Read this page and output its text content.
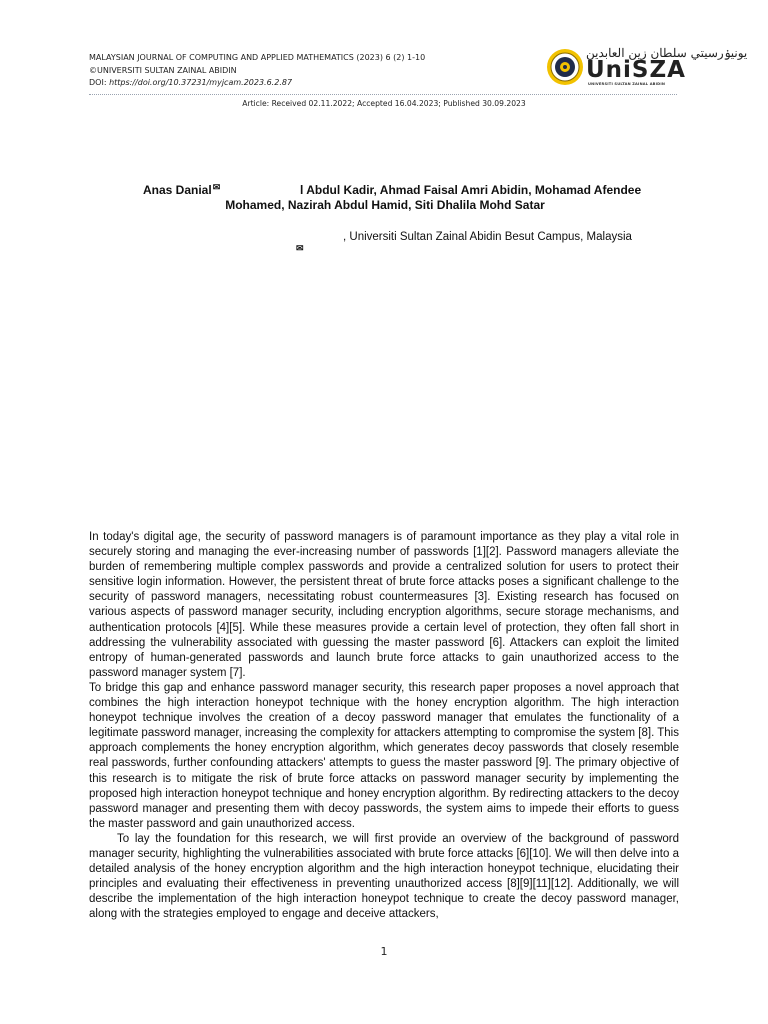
MALAYSIAN JOURNAL OF COMPUTING AND APPLIED MATHEMATICS (2023) 6 (2) 1-10
©UNIVERSITI SULTAN ZAINAL ABIDIN
DOI: https://doi.org/10.37231/myjcam.2023.6.2.87
يونيۏرسيتي سلطان زين العابدين
UniSZA
UNIVERSITI SULTAN ZAINAL ABIDIN
Article: Received 02.11.2022; Accepted 16.04.2023; Published 30.09.2023
Anas Danial✉	l Abdul Kadir, Ahmad Faisal Amri Abidin, Mohamad Afendee
Mohamed, Nazirah Abdul Hamid, Siti Dhalila Mohd Satar
, Universiti Sultan Zainal Abidin Besut Campus, Malaysia
✉

In today's digital age, the security of password managers is of paramount importance as they play a vital role in securely storing and managing the ever-increasing number of passwords [1][2]. Password managers alleviate the burden of remembering multiple complex passwords and provide a centralized solution for users to protect their sensitive login information. However, the persistent threat of brute force attacks poses a significant challenge to the security of password managers, necessitating robust countermeasures [3]. Existing research has focused on various aspects of password manager security, including encryption algorithms, secure storage mechanisms, and authentication protocols [4][5]. While these measures provide a certain level of protection, they often fall short in addressing the vulnerability associated with guessing the master password [6]. Attackers can exploit the limited entropy of human-generated passwords and launch brute force attacks to gain unauthorized access to the password manager system [7].

To bridge this gap and enhance password manager security, this research paper proposes a novel approach that combines the high interaction honeypot technique with the honey encryption algorithm. The high interaction honeypot technique involves the creation of a decoy password manager that emulates the functionality of a legitimate password manager, increasing the complexity for attackers attempting to compromise the system [8]. This approach complements the honey encryption algorithm, which generates decoy passwords that closely resemble real passwords, further confounding attackers' attempts to guess the master password [9]. The primary objective of this research is to mitigate the risk of brute force attacks on password manager security by implementing the proposed high interaction honeypot technique and honey encryption algorithm. By redirecting attackers to the decoy password manager and presenting them with decoy passwords, the system aims to impede their efforts to guess the master password and gain unauthorized access.

To lay the foundation for this research, we will first provide an overview of the background of password manager security, highlighting the vulnerabilities associated with brute force attacks [6][10]. We will then delve into a detailed analysis of the honey encryption algorithm and the high interaction honeypot technique, elucidating their principles and evaluating their effectiveness in preventing unauthorized access [8][9][11][12]. Additionally, we will describe the implementation of the high interaction honeypot technique to create the decoy password manager, along with the strategies employed to engage and deceive attackers,

1
